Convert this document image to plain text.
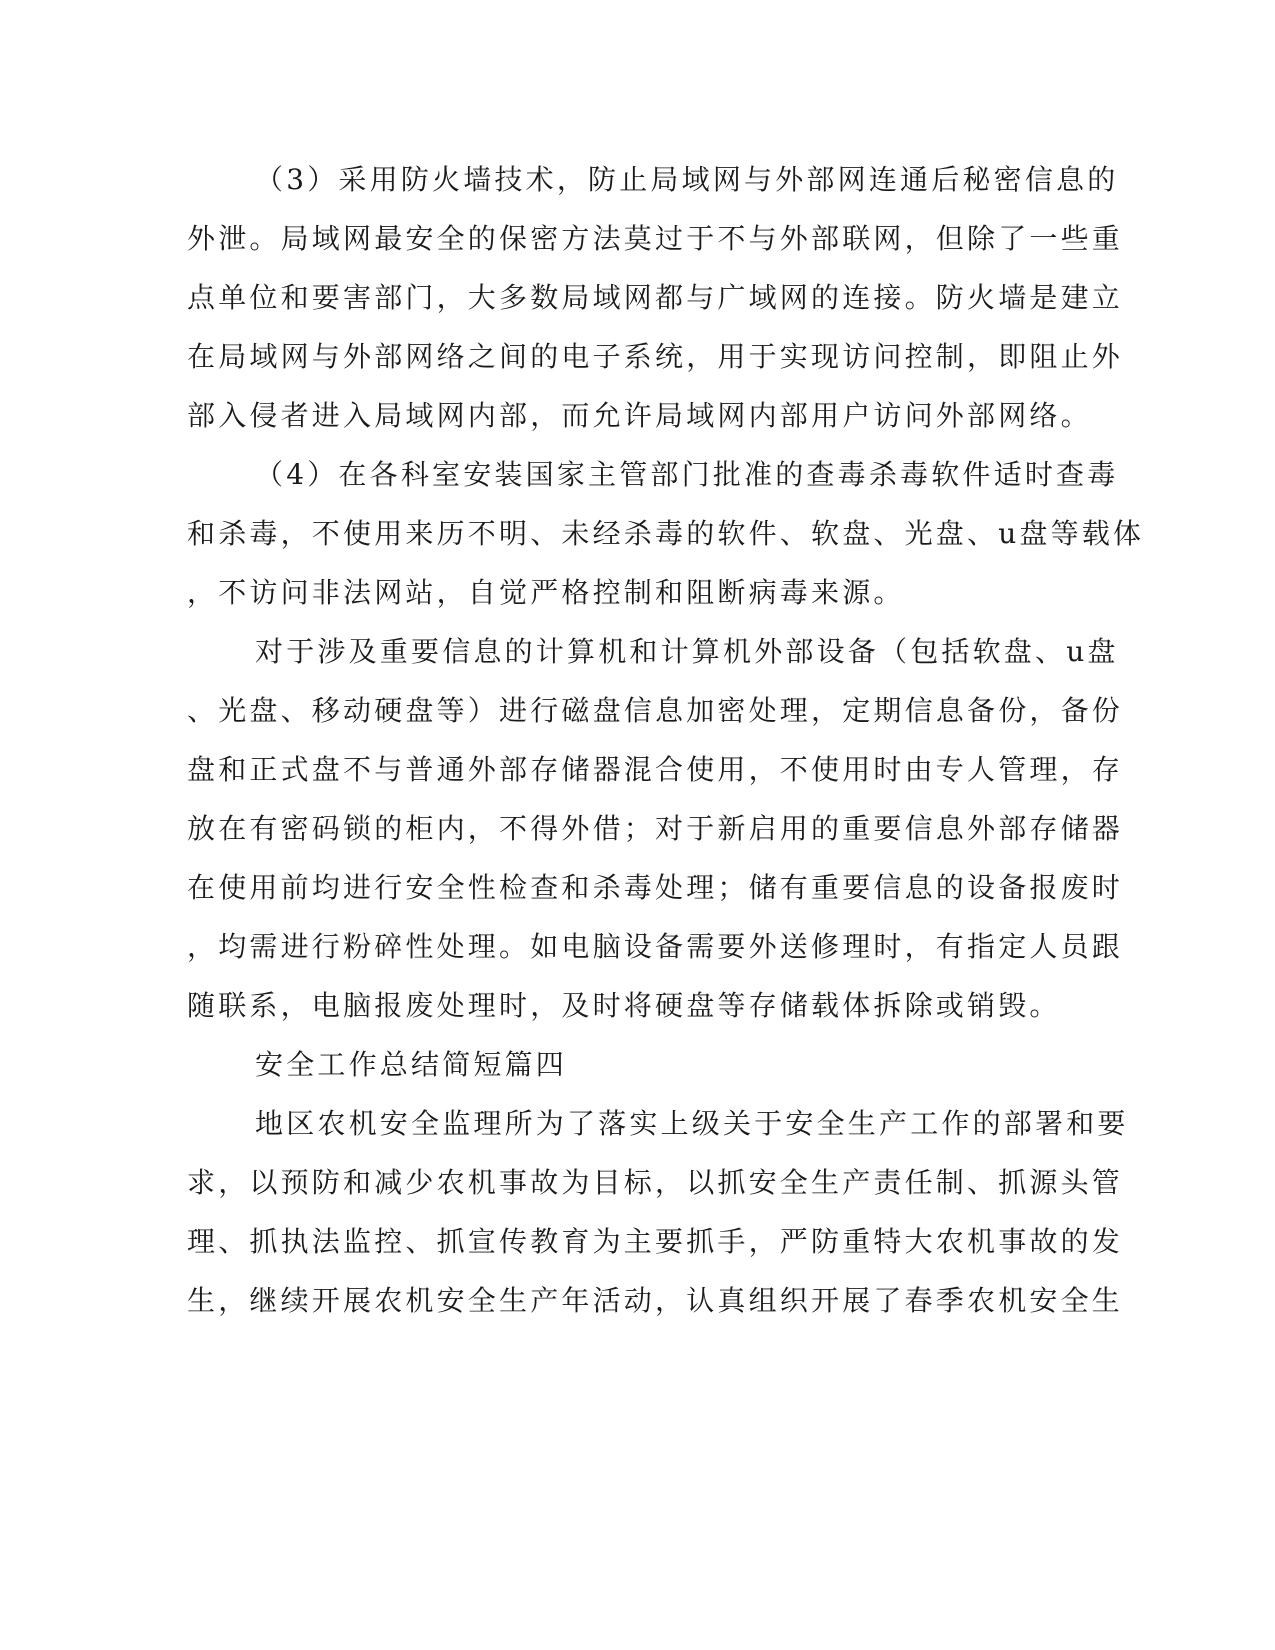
（3）采用防火墙技术，防止局域网与外部网连通后秘密信息的
外泄。局域网最安全的保密方法莫过于不与外部联网，但除了一些重
点单位和要害部门，大多数局域网都与广域网的连接。防火墙是建立
在局域网与外部网络之间的电子系统，用于实现访问控制，即阻止外
部入侵者进入局域网内部，而允许局域网内部用户访问外部网络。
（4）在各科室安装国家主管部门批准的查毒杀毒软件适时查毒
和杀毒，不使用来历不明、未经杀毒的软件、软盘、光盘、u盘等载体
，不访问非法网站，自觉严格控制和阻断病毒来源。
对于涉及重要信息的计算机和计算机外部设备（包括软盘、u盘
、光盘、移动硬盘等）进行磁盘信息加密处理，定期信息备份，备份
盘和正式盘不与普通外部存储器混合使用，不使用时由专人管理，存
放在有密码锁的柜内，不得外借；对于新启用的重要信息外部存储器
在使用前均进行安全性检查和杀毒处理；储有重要信息的设备报废时
，均需进行粉碎性处理。如电脑设备需要外送修理时，有指定人员跟
随联系，电脑报废处理时，及时将硬盘等存储载体拆除或销毁。
安全工作总结简短篇四
地区农机安全监理所为了落实上级关于安全生产工作的部署和要
求，以预防和减少农机事故为目标，以抓安全生产责任制、抓源头管
理、抓执法监控、抓宣传教育为主要抓手，严防重特大农机事故的发
生，继续开展农机安全生产年活动，认真组织开展了春季农机安全生
